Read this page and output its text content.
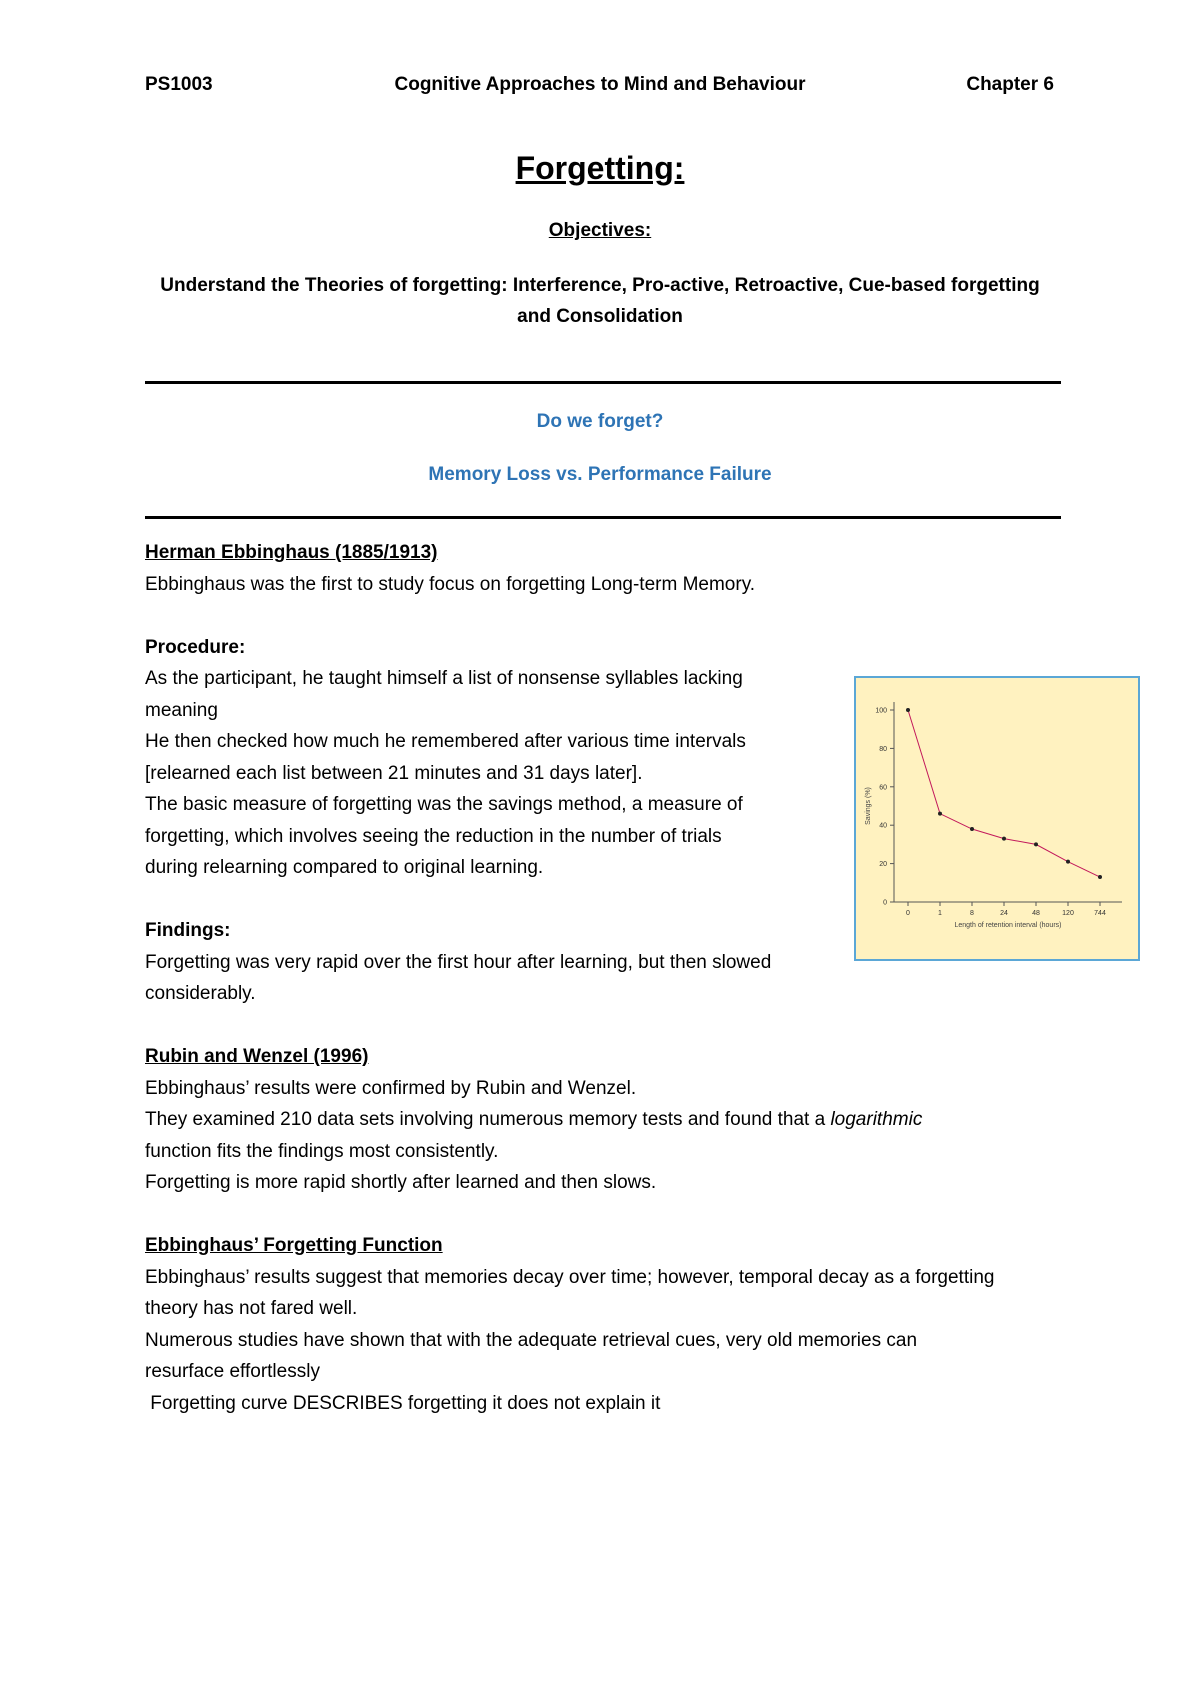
PS1003	Cognitive Approaches to Mind and Behaviour	Chapter 6
Forgetting:
Objectives:
Understand the Theories of forgetting: Interference, Pro-active, Retroactive, Cue-based forgetting and Consolidation
Do we forget?
Memory Loss vs. Performance Failure

Herman Ebbinghaus (1885/1913)

Ebbinghaus was the first to study focus on forgetting Long-term Memory.

Procedure:

As the participant, he taught himself a list of nonsense syllables lacking

meaning

He then checked how much he remembered after various time intervals

[relearned each list between 21 minutes and 31 days later].

The basic measure of forgetting was the savings method, a measure of

forgetting, which involves seeing the reduction in the number of trials

during relearning compared to original learning.

Findings:

Forgetting was very rapid over the first hour after learning, but then slowed

considerably.

Rubin and Wenzel (1996)

Ebbinghaus’ results were confirmed by Rubin and Wenzel.

They examined 210 data sets involving numerous memory tests and found that a logarithmic

function fits the findings most consistently.

Forgetting is more rapid shortly after learned and then slows.

Ebbinghaus’ Forgetting Function

Ebbinghaus’ results suggest that memories decay over time; however, temporal decay as a forgetting

theory has not fared well.

Numerous studies have shown that with the adequate retrieval cues, very old memories can

resurface effortlessly

Forgetting curve DESCRIBES forgetting it does not explain it

0
20
40
60
80
100
0	1	8	24	48	120	744
Length of retention interval (hours)
Savings (%)
